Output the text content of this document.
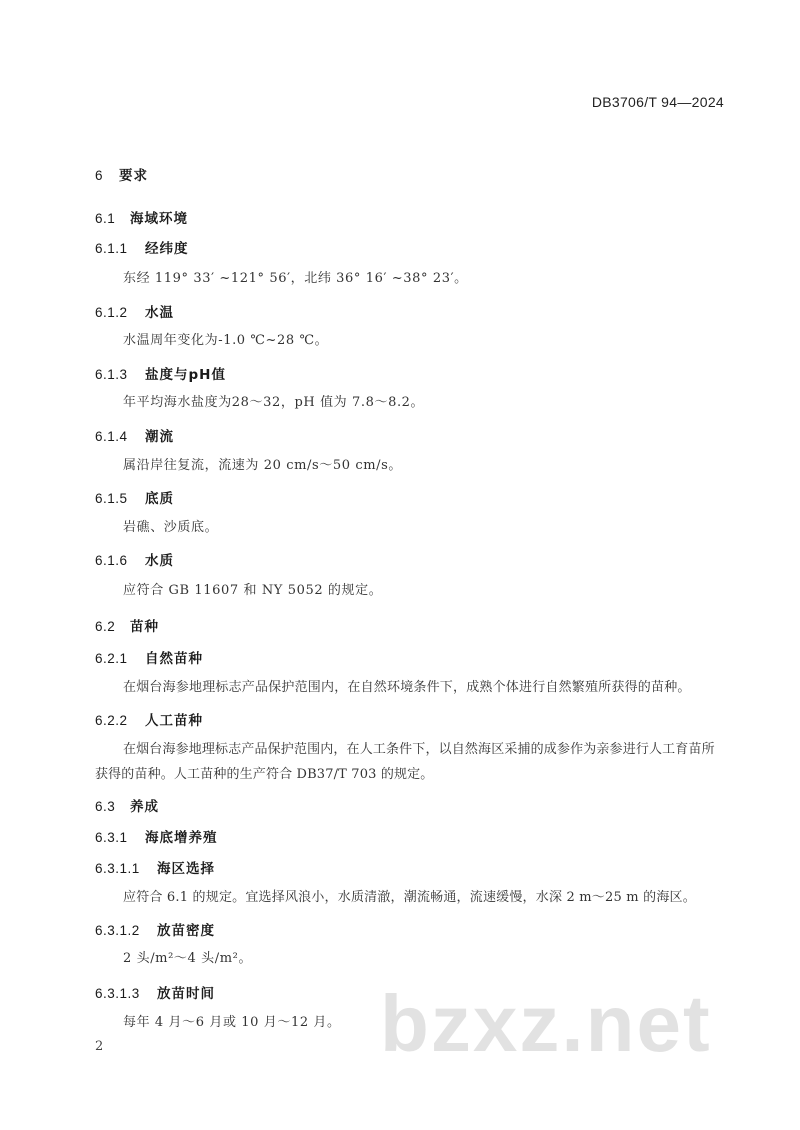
DB3706/T 94—2024
6 要求
6.1 海域环境
6.1.1 经纬度
东经 119° 33′ ~121° 56′，北纬 36° 16′ ~38° 23′。
6.1.2 水温
水温周年变化为-1.0 ℃~28 ℃。
6.1.3 盐度与pH值
年平均海水盐度为28～32，pH 值为 7.8～8.2。
6.1.4 潮流
属沿岸往复流，流速为 20 cm/s～50 cm/s。
6.1.5 底质
岩礁、沙质底。
6.1.6 水质
应符合 GB 11607 和 NY 5052 的规定。
6.2 苗种
6.2.1 自然苗种
在烟台海参地理标志产品保护范围内，在自然环境条件下，成熟个体进行自然繁殖所获得的苗种。
6.2.2 人工苗种
在烟台海参地理标志产品保护范围内，在人工条件下，以自然海区采捕的成参作为亲参进行人工育苗所获得的苗种。人工苗种的生产符合 DB37/T 703 的规定。
6.3 养成
6.3.1 海底增养殖
6.3.1.1 海区选择
应符合 6.1 的规定。宜选择风浪小，水质清澈，潮流畅通，流速缓慢，水深 2 m～25 m 的海区。
6.3.1.2 放苗密度
2 头/m²～4 头/m²。
6.3.1.3 放苗时间
每年 4 月～6 月或 10 月～12 月。
2	bzxz.net
